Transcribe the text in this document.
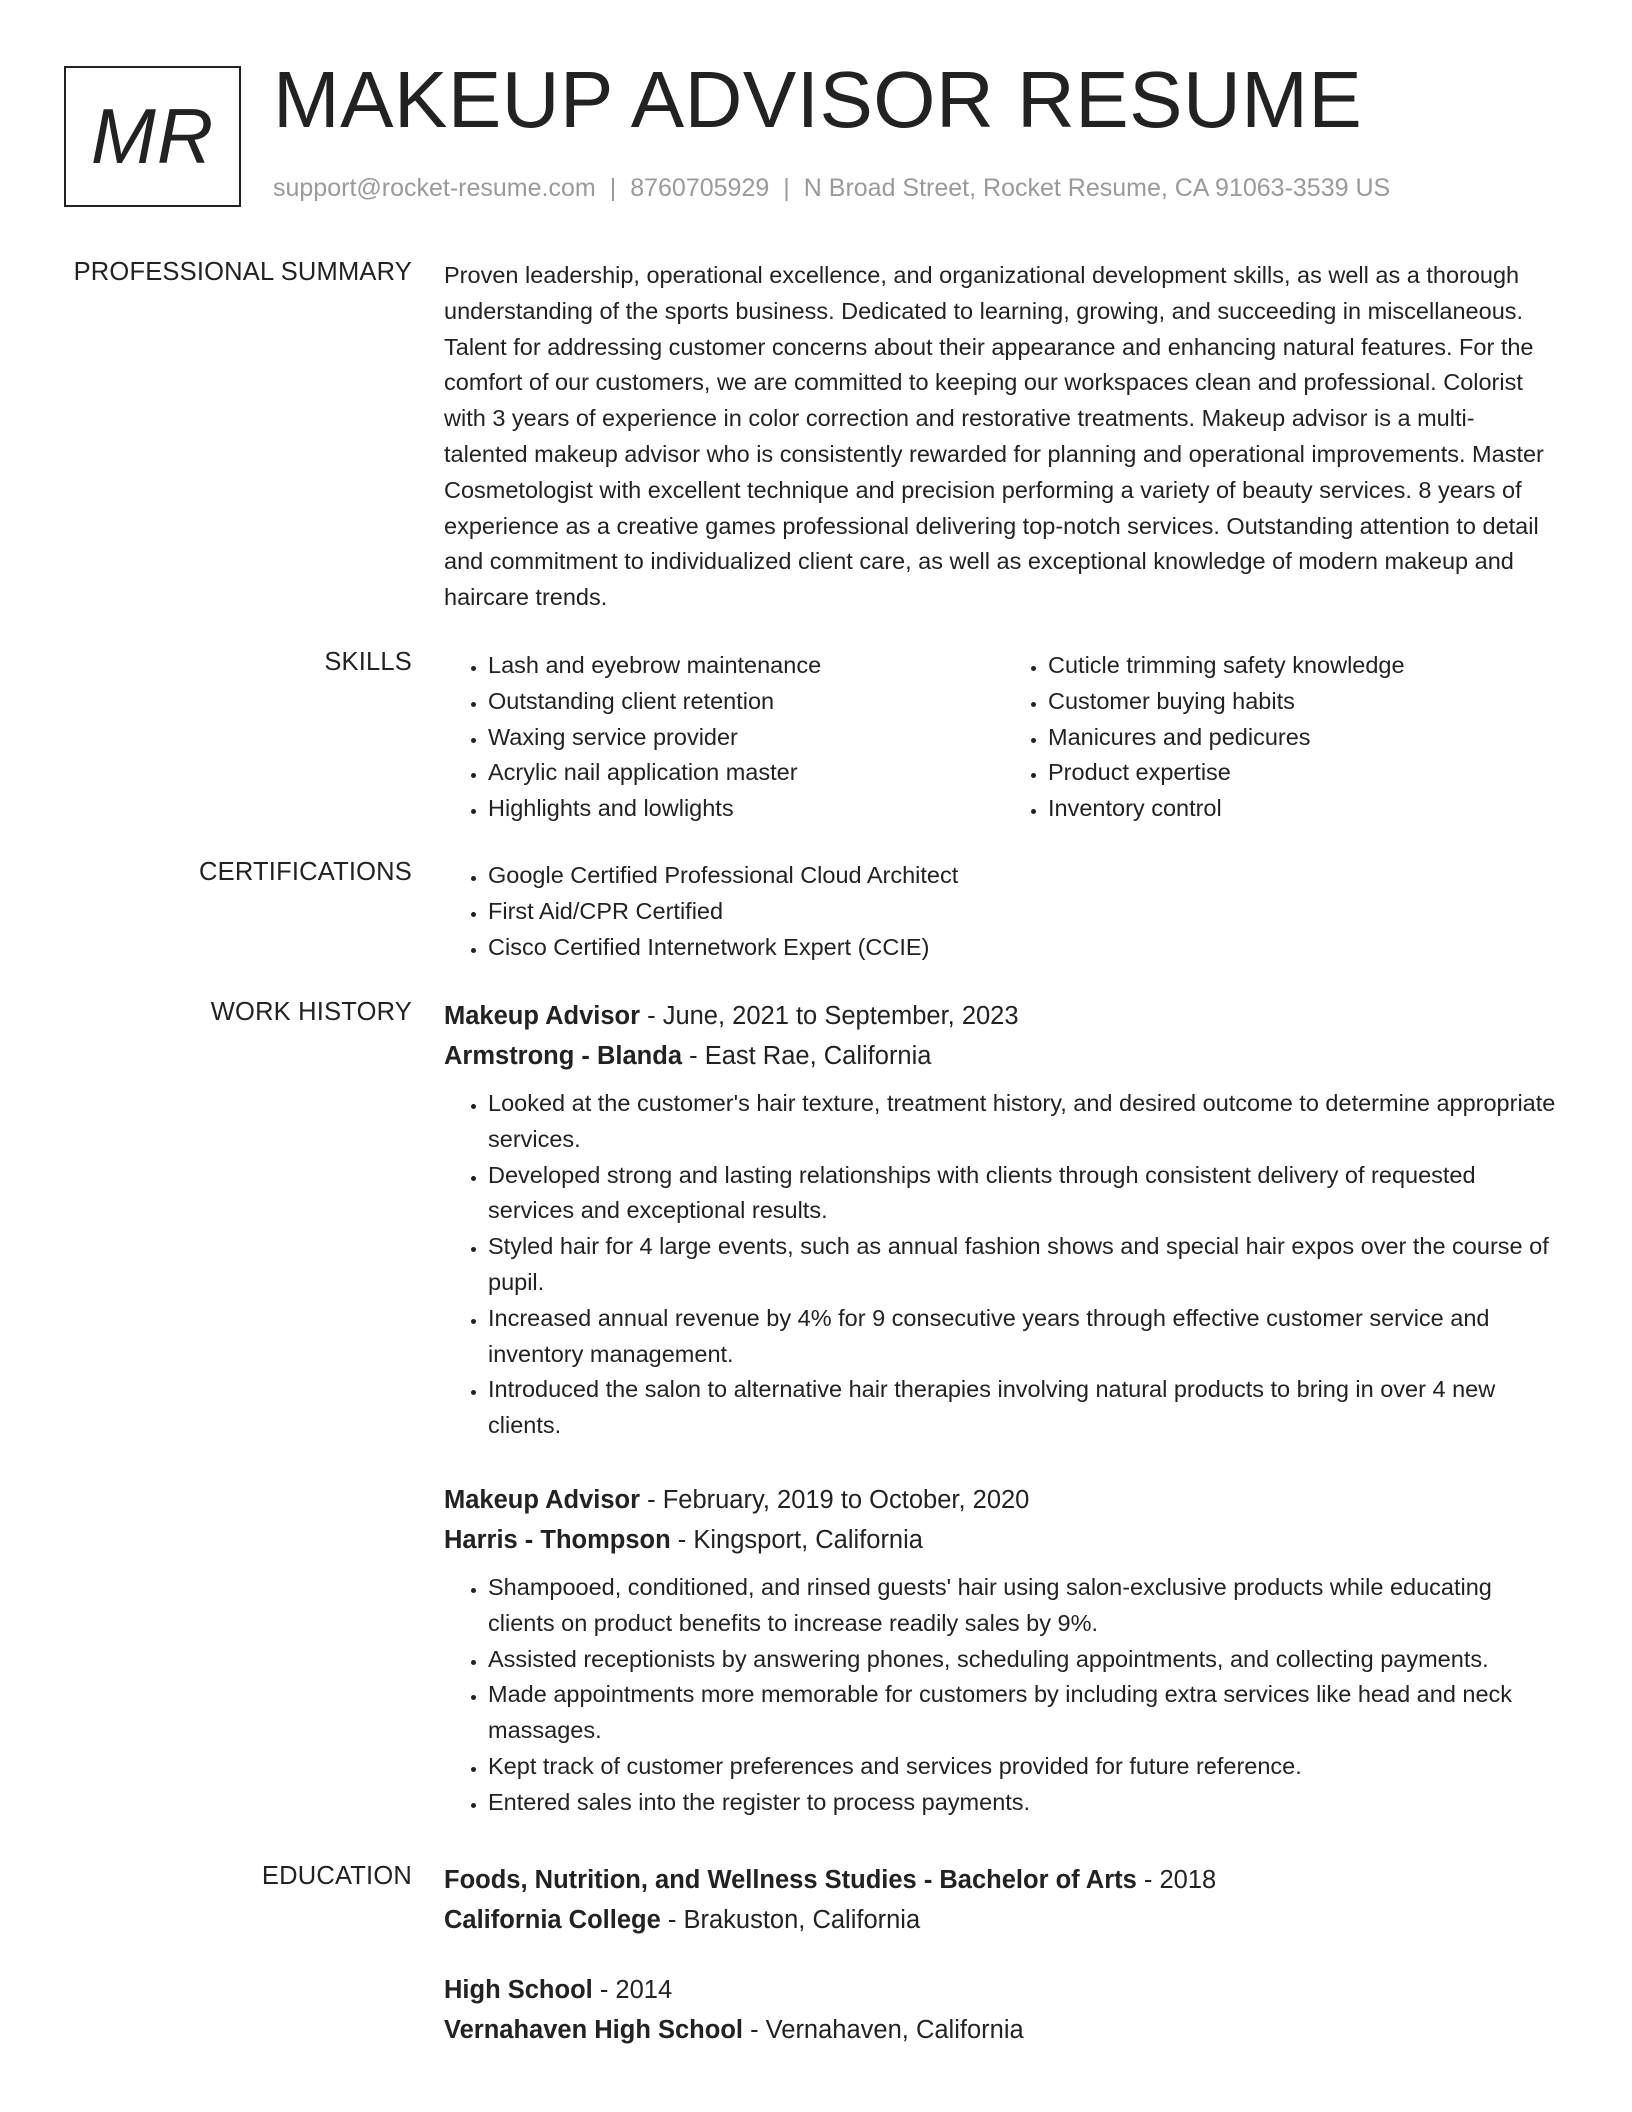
MR MAKEUP ADVISOR RESUME
support@rocket-resume.com | 8760705929 | N Broad Street, Rocket Resume, CA 91063-3539 US
PROFESSIONAL SUMMARY Proven leadership, operational excellence, and organizational development skills, as well as a thorough understanding of the sports business. Dedicated to learning, growing, and succeeding in miscellaneous. Talent for addressing customer concerns about their appearance and enhancing natural features. For the comfort of our customers, we are committed to keeping our workspaces clean and professional. Colorist with 3 years of experience in color correction and restorative treatments. Makeup advisor is a multi-talented makeup advisor who is consistently rewarded for planning and operational improvements. Master Cosmetologist with excellent technique and precision performing a variety of beauty services. 8 years of experience as a creative games professional delivering top-notch services. Outstanding attention to detail and commitment to individualized client care, as well as exceptional knowledge of modern makeup and haircare trends.

SKILLS	• Lash and eyebrow maintenance
• Outstanding client retention
• Waxing service provider
• Acrylic nail application master
• Highlights and lowlights
• Cuticle trimming safety knowledge
• Customer buying habits
• Manicures and pedicures
• Product expertise
• Inventory control
CERTIFICATIONS	• Google Certified Professional Cloud Architect
• First Aid/CPR Certified
• Cisco Certified Internetwork Expert (CCIE)
WORK HISTORY Makeup Advisor - June, 2021 to September, 2023
Armstrong - Blanda - East Rae, California
• Looked at the customer's hair texture, treatment history, and desired outcome to determine appropriate services.
• Developed strong and lasting relationships with clients through consistent delivery of requested services and exceptional results.
• Styled hair for 4 large events, such as annual fashion shows and special hair expos over the course of pupil.
• Increased annual revenue by 4% for 9 consecutive years through effective customer service and inventory management.
• Introduced the salon to alternative hair therapies involving natural products to bring in over 4 new clients.
Makeup Advisor - February, 2019 to October, 2020
Harris - Thompson - Kingsport, California
• Shampooed, conditioned, and rinsed guests' hair using salon-exclusive products while educating clients on product benefits to increase readily sales by 9%.
• Assisted receptionists by answering phones, scheduling appointments, and collecting payments.
• Made appointments more memorable for customers by including extra services like head and neck massages.
• Kept track of customer preferences and services provided for future reference.
• Entered sales into the register to process payments.
EDUCATION Foods, Nutrition, and Wellness Studies - Bachelor of Arts - 2018
California College - Brakuston, California
High School - 2014
Vernahaven High School - Vernahaven, California
